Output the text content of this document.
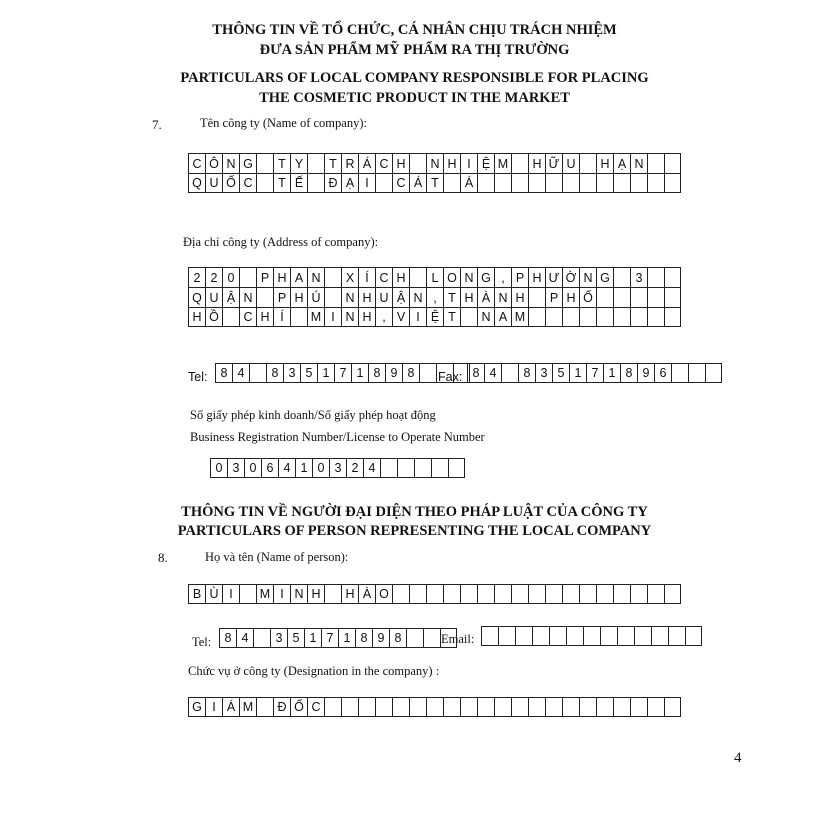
THÔNG TIN VỀ TỔ CHỨC, CÁ NHÂN CHỊU TRÁCH NHIỆM
ĐƯA SẢN PHẨM MỸ PHẨM RA THỊ TRƯỜNG
PARTICULARS OF LOCAL COMPANY RESPONSIBLE FOR PLACING
THE COSMETIC PRODUCT IN THE MARKET
7.	Tên công ty (Name of company):
C Ô N G	T Y	T R Á C H	N H I Ệ M	H Ữ U	H Ạ N
Q U Ố C	T Ế	Đ Ạ I	C Á T	Á
Địa chỉ công ty (Address of company):
2 2 0	P H A N	X Í C H	L O N G , P H Ư Ờ N G	3
Q U Ậ N	P H Ú	N H U Ậ N , T H À N H	P H Ố
H Ồ	C H Í	M I N H , V I Ệ T	N A M
Tel:	8 4	8 3 5 1 7 1 8 9 8	Fax: 8 4	8 3 5 1 7 1 8 9 6
Số giấy phép kinh doanh/Số giấy phép hoạt động
Business Registration Number/License to Operate Number
0 3 0 6 4 1 0 3 2 4
THÔNG TIN VỀ NGƯỜI ĐẠI DIỆN THEO PHÁP LUẬT CỦA CÔNG TY
PARTICULARS OF PERSON REPRESENTING THE LOCAL COMPANY
8.	Họ và tên (Name of person):
B Ù I	M I N H	H À O
Tel:	8 4	3 5 1 7 1 8 9 8	Email:
Chức vụ ở công ty (Designation in the company) :
G I Á M	Đ Ố C
4
